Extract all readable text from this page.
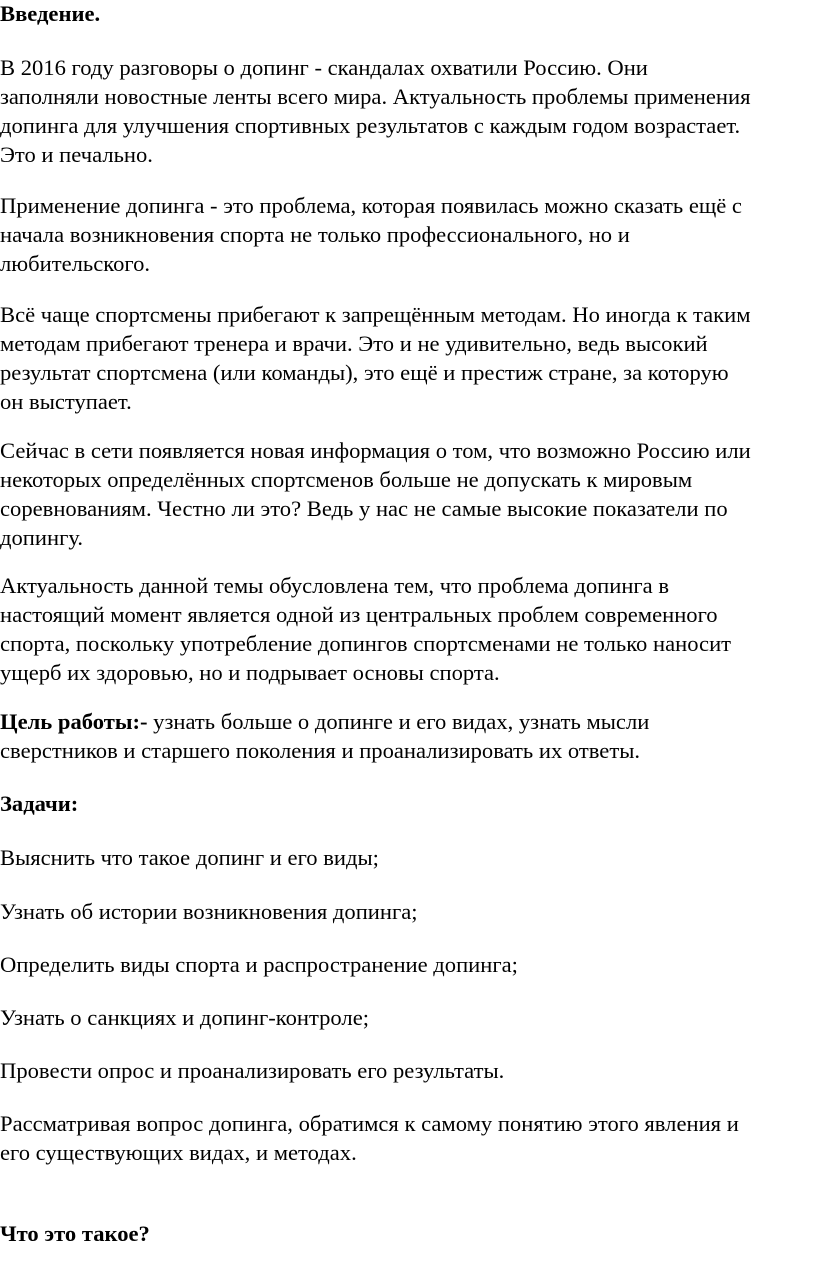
Введение.
В 2016 году разговоры о допинг - скандалах охватили Россию. Они
заполняли новостные ленты всего мира. Актуальность проблемы применения
допинга для улучшения спортивных результатов с каждым годом возрастает.
Это и печально.
Применение допинга - это проблема, которая появилась можно сказать ещё с
начала возникновения спорта не только профессионального, но и
любительского.
Всё чаще спортсмены прибегают к запрещённым методам. Но иногда к таким
методам прибегают тренера и врачи. Это и не удивительно, ведь высокий
результат спортсмена (или команды), это ещё и престиж стране, за которую
он выступает.
Сейчас в сети появляется новая информация о том, что возможно Россию или
некоторых определённых спортсменов больше не допускать к мировым
соревнованиям. Честно ли это? Ведь у нас не самые высокие показатели по
допингу.
Актуальность данной темы обусловлена тем, что проблема допинга в
настоящий момент является одной из центральных проблем современного
спорта, поскольку употребление допингов спортсменами не только наносит
ущерб их здоровью, но и подрывает основы спорта.
Цель работы:- узнать больше о допинге и его видах, узнать мысли
сверстников и старшего поколения и проанализировать их ответы.
Задачи:
Выяснить что такое допинг и его виды;
Узнать об истории возникновения допинга;
Определить виды спорта и распространение допинга;
Узнать о санкциях и допинг-контроле;
Провести опрос и проанализировать его результаты.
Рассматривая вопрос допинга, обратимся к самому понятию этого явления и
его существующих видах, и методах.
Что это такое?
